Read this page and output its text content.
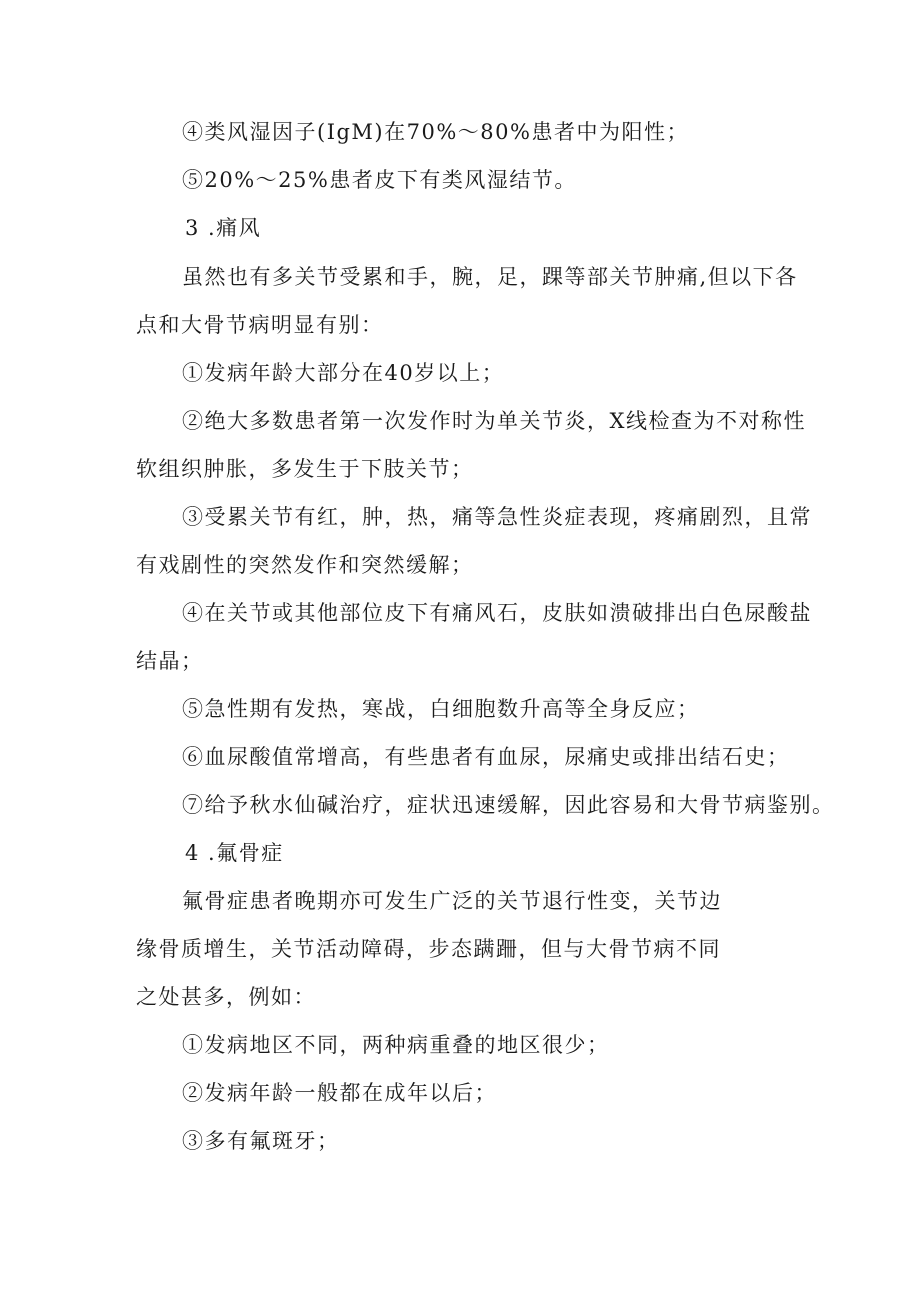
④类风湿因子(IgM)在70%～80%患者中为阳性；
⑤20%～25%患者皮下有类风湿结节。
3 .痛风
虽然也有多关节受累和手，腕，足，踝等部关节肿痛,但以下各
点和大骨节病明显有别：
①发病年龄大部分在40岁以上；
②绝大多数患者第一次发作时为单关节炎，X线检查为不对称性
软组织肿胀，多发生于下肢关节；
③受累关节有红，肿，热，痛等急性炎症表现，疼痛剧烈，且常
有戏剧性的突然发作和突然缓解；
④在关节或其他部位皮下有痛风石，皮肤如溃破排出白色尿酸盐
结晶；
⑤急性期有发热，寒战，白细胞数升高等全身反应；
⑥血尿酸值常增高，有些患者有血尿，尿痛史或排出结石史；
⑦给予秋水仙碱治疗，症状迅速缓解，因此容易和大骨节病鉴别。
4 .氟骨症
氟骨症患者晚期亦可发生广泛的关节退行性变，关节边
缘骨质增生，关节活动障碍，步态蹒跚，但与大骨节病不同
之处甚多，例如：
①发病地区不同，两种病重叠的地区很少；
②发病年龄一般都在成年以后；
③多有氟斑牙；
